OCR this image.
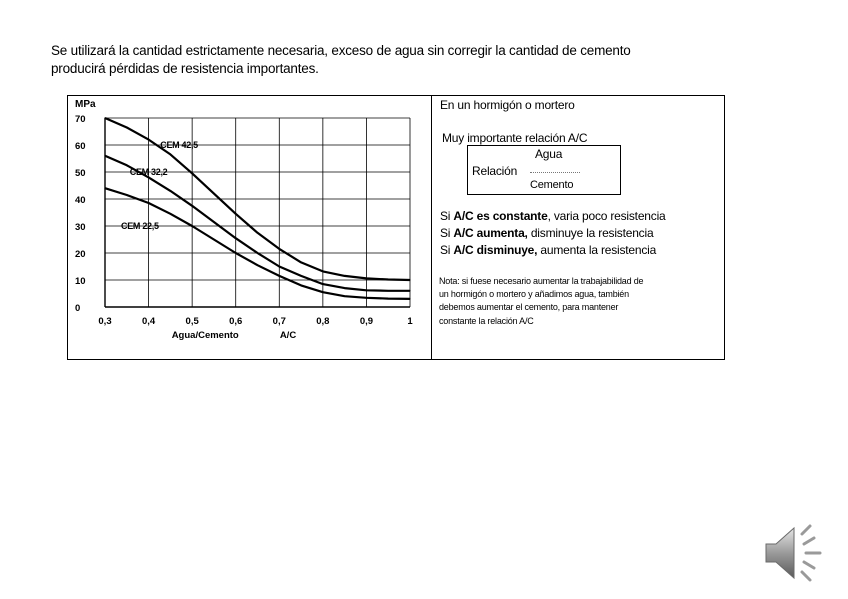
Se utilizará la cantidad estrictamente necesaria, exceso de agua sin corregir la cantidad de cemento
producirá pérdidas de resistencia importantes.
0
10
20
30
40
50
60
70
0,3	0,4	0,5	0,6	0,7	0,8	0,9	1
MPa
Agua/Cemento	A/C
CEM 42,5
CEM 32,2
CEM 22,5
En un hormigón o mortero
Muy importante relación A/C
Agua
Relación
Cemento
Si A/C es constante, varia poco resistencia
Si A/C aumenta, disminuye la resistencia
Si A/C disminuye, aumenta la resistencia
Nota: si fuese necesario aumentar la trabajabilidad de
un hormigón o mortero y añadimos agua, también
debemos aumentar el cemento, para mantener
constante la relación A/C
